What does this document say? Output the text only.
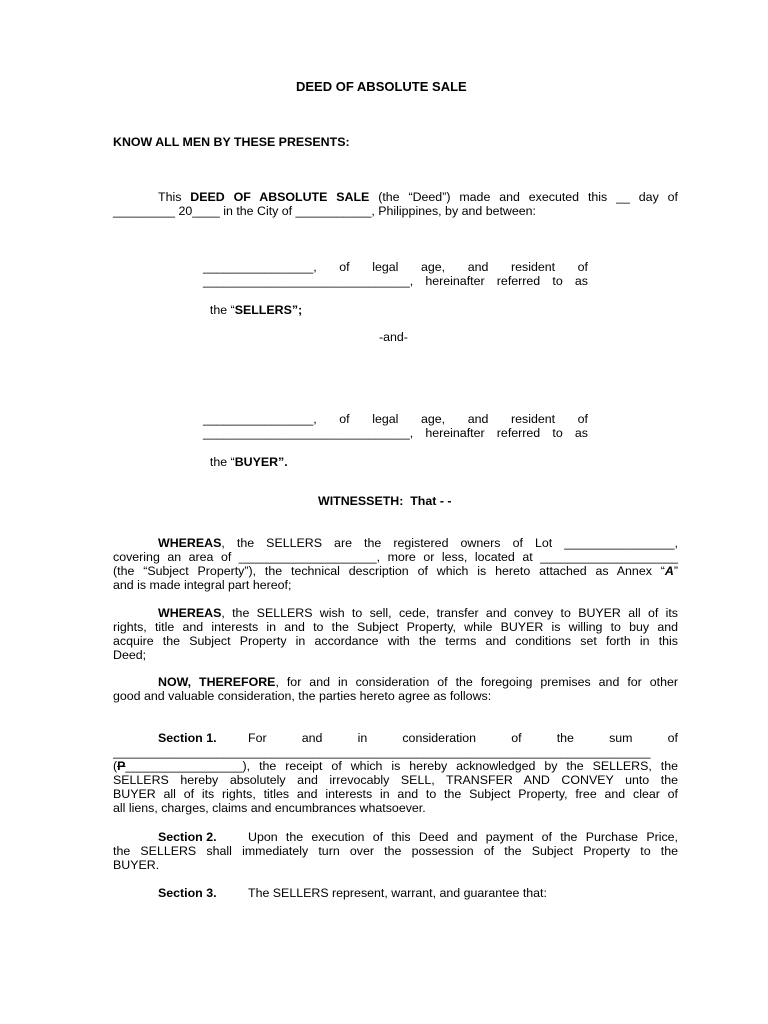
DEED OF ABSOLUTE SALE
KNOW ALL MEN BY THESE PRESENTS:
This DEED OF ABSOLUTE SALE (the “Deed”) made and executed this __ day of
_________ 20____ in the City of ___________, Philippines, by and between:
________________, of legal age, and resident of
______________________________, hereinafter referred to as

the “SELLERS”;

-and-
________________, of legal age, and resident of
______________________________, hereinafter referred to as

the “BUYER”.

WITNESSETH:  That - -
WHEREAS, the SELLERS are the registered owners of Lot ________________,
covering an area of ____________________, more or less, located at ____________________
(the “Subject Property”), the technical description of which is hereto attached as Annex “A”
and is made integral part hereof;
WHEREAS, the SELLERS wish to sell, cede, transfer and convey to BUYER all of its
rights, title and interests in and to the Subject Property, while BUYER is willing to buy and
acquire the Subject Property in accordance with the terms and conditions set forth in this
Deed;
NOW, THEREFORE, for and in consideration of the foregoing premises and for other
good and valuable consideration, the parties hereto agree as follows:
Section 1.	For and in consideration of the sum of
______________________________________________________________________________
(P_________________), the receipt of which is hereby acknowledged by the SELLERS, the
SELLERS hereby absolutely and irrevocably SELL, TRANSFER AND CONVEY unto the
BUYER all of its rights, titles and interests in and to the Subject Property, free and clear of
all liens, charges, claims and encumbrances whatsoever.
Section 2.	Upon the execution of this Deed and payment of the Purchase Price,
the SELLERS shall immediately turn over the possession of the Subject Property to the
BUYER.
Section 3.	The SELLERS represent, warrant, and guarantee that:
